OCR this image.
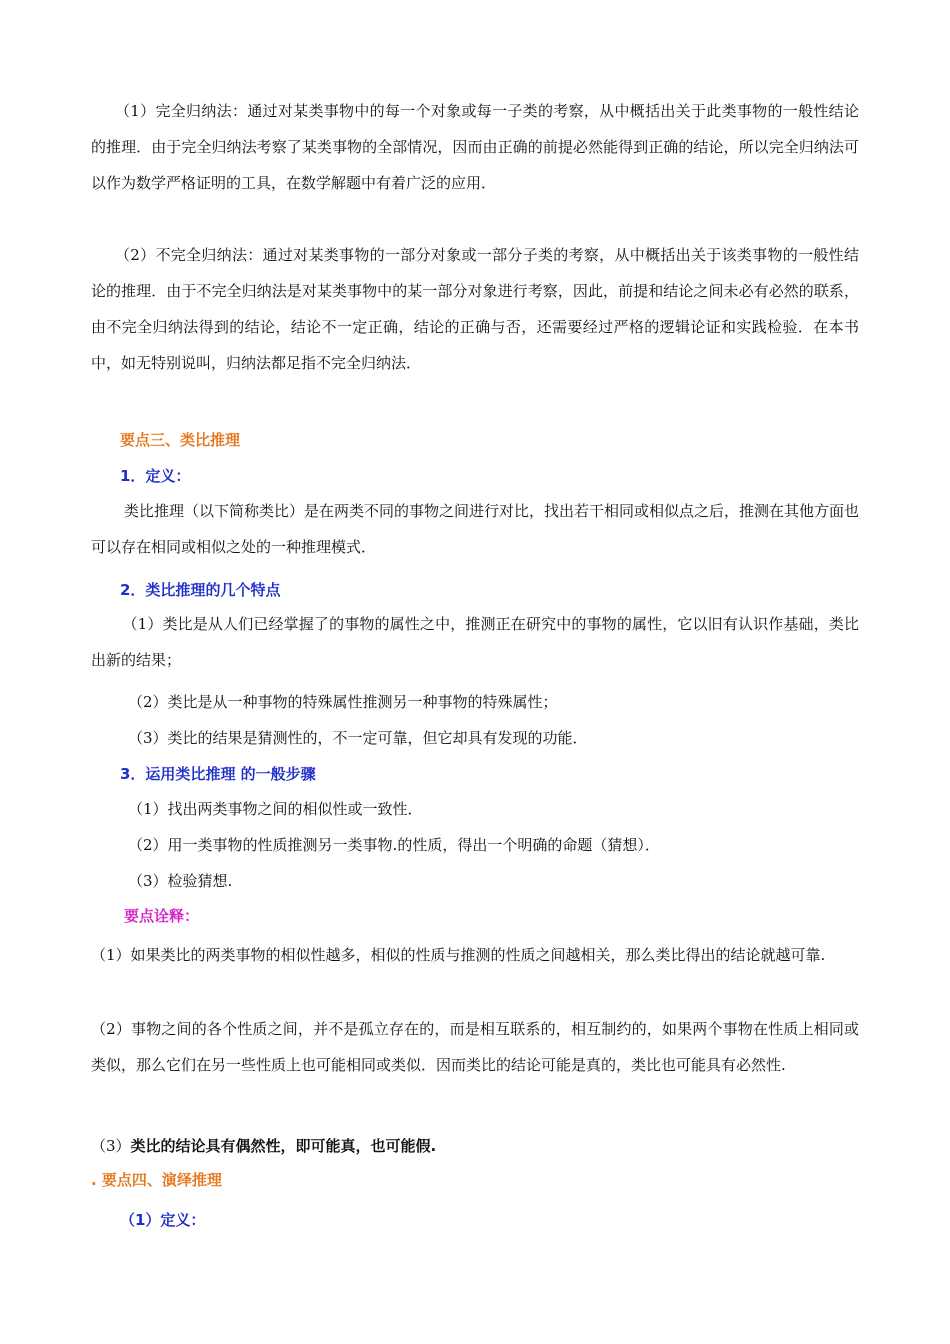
（1）完全归纳法：通过对某类事物中的每一个对象或每一子类的考察，从中概括出关于此类事物的一般性结论的推理．由于完全归纳法考察了某类事物的全部情况，因而由正确的前提必然能得到正确的结论，所以完全归纳法可以作为数学严格证明的工具，在数学解题中有着广泛的应用．

（2）不完全归纳法：通过对某类事物的一部分对象或一部分子类的考察，从中概括出关于该类事物的一般性结论的推理．由于不完全归纳法是对某类事物中的某一部分对象进行考察，因此，前提和结论之间未必有必然的联系，由不完全归纳法得到的结论，结论不一定正确，结论的正确与否，还需要经过严格的逻辑论证和实践检验．在本书中，如无特别说叫，归纳法都足指不完全归纳法．

要点三、类比推理

1．定义：

类比推理（以下简称类比）是在两类不同的事物之间进行对比，找出若干相同或相似点之后，推测在其他方面也可以存在相同或相似之处的一种推理模式．

2．类比推理的几个特点

（1）类比是从人们已经掌握了的事物的属性之中，推测正在研究中的事物的属性，它以旧有认识作基础，类比出新的结果；

（2）类比是从一种事物的特殊属性推测另一种事物的特殊属性；

（3）类比的结果是猜测性的，不一定可靠，但它却具有发现的功能．

3．运用类比推理 的一般步骤

（1）找出两类事物之间的相似性或一致性．

（2）用一类事物的性质推测另一类事物.的性质，得出一个明确的命题（猜想）．

（3）检验猜想.

要点诠释：

（1）如果类比的两类事物的相似性越多，相似的性质与推测的性质之间越相关，那么类比得出的结论就越可靠.

（2）事物之间的各个性质之间，并不是孤立存在的，而是相互联系的，相互制约的，如果两个事物在性质上相同或类似，那么它们在另一些性质上也可能相同或类似．因而类比的结论可能是真的，类比也可能具有必然性.

（3）类比的结论具有偶然性，即可能真，也可能假.

. 要点四、演绎推理

（1）定义：
